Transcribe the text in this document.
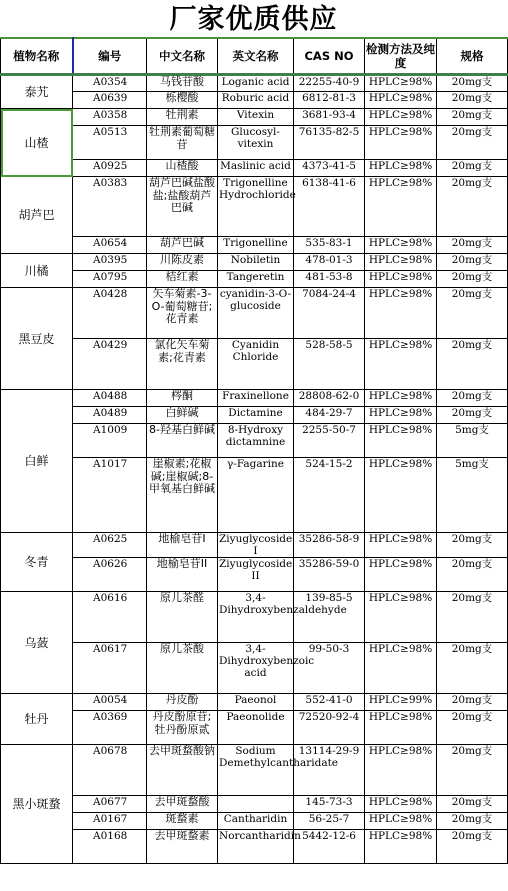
厂家优质供应
植物名称	编号	中文名称	英文名称	CAS NO	检测方法及纯度	规格
泰艽	A0354	马钱苷酸	Loganic acid	22255-40-9	HPLC≥98%	20mg支
	A0639	栎樱酸	Roburic acid	6812-81-3	HPLC≥98%	20mg支
山楂	A0358	牡荆素	Vitexin	3681-93-4	HPLC≥98%	20mg支
	A0513	牡荆素葡萄糖苷	Glucosyl-vitexin	76135-82-5	HPLC≥98%	20mg支
	A0925	山楂酸	Maslinic acid	4373-41-5	HPLC≥98%	20mg支
胡芦巴	A0383	葫芦巴碱盐酸盐;盐酸葫芦巴碱	Trigonelline Hydrochloride	6138-41-6	HPLC≥98%	20mg支
	A0654	葫芦巴碱	Trigonelline	535-83-1	HPLC≥98%	20mg支
川橘	A0395	川陈皮素	Nobiletin	478-01-3	HPLC≥98%	20mg支
	A0795	桔红素	Tangeretin	481-53-8	HPLC≥98%	20mg支
黑豆皮	A0428	矢车菊素-3-O-葡萄糖苷;花青素	cyanidin-3-O-glucoside	7084-24-4	HPLC≥98%	20mg支
	A0429	氯化矢车菊素;花青素	Cyanidin Chloride	528-58-5	HPLC≥98%	20mg支
白鲜	A0488	梣酮	Fraxinellone	28808-62-0	HPLC≥98%	20mg支
	A0489	白鲜碱	Dictamine	484-29-7	HPLC≥98%	20mg支
	A1009	8-羟基白鲜碱	8-Hydroxy dictamnine	2255-50-7	HPLC≥98%	5mg支
	A1017	崖椒素;花椒碱;崖椒碱;8-甲氧基白鲜碱	γ-Fagarine	524-15-2	HPLC≥98%	5mg支
冬青	A0625	地榆皂苷I	Ziyuglycoside I	35286-58-9	HPLC≥98%	20mg支
	A0626	地榆皂苷II	Ziyuglycoside II	35286-59-0	HPLC≥98%	20mg支
乌蔹	A0616	原儿茶醛	3,4-Dihydroxybenzaldehyde	139-85-5	HPLC≥98%	20mg支
	A0617	原儿茶酸	3,4-Dihydroxybenzoic acid	99-50-3	HPLC≥98%	20mg支
牡丹	A0054	丹皮酚	Paeonol	552-41-0	HPLC≥99%	20mg支
	A0369	丹皮酚原苷;牡丹酚原贰	Paeonolide	72520-92-4	HPLC≥98%	20mg支
黑小斑蝥	A0678	去甲斑蝥酸钠	Sodium Demethylcantharidate	13114-29-9	HPLC≥98%	20mg支
	A0677	去甲斑蝥酸		145-73-3	HPLC≥98%	20mg支
	A0167	斑蝥素	Cantharidin	56-25-7	HPLC≥98%	20mg支
	A0168	去甲斑蝥素	Norcantharidin	5442-12-6	HPLC≥98%	20mg支
